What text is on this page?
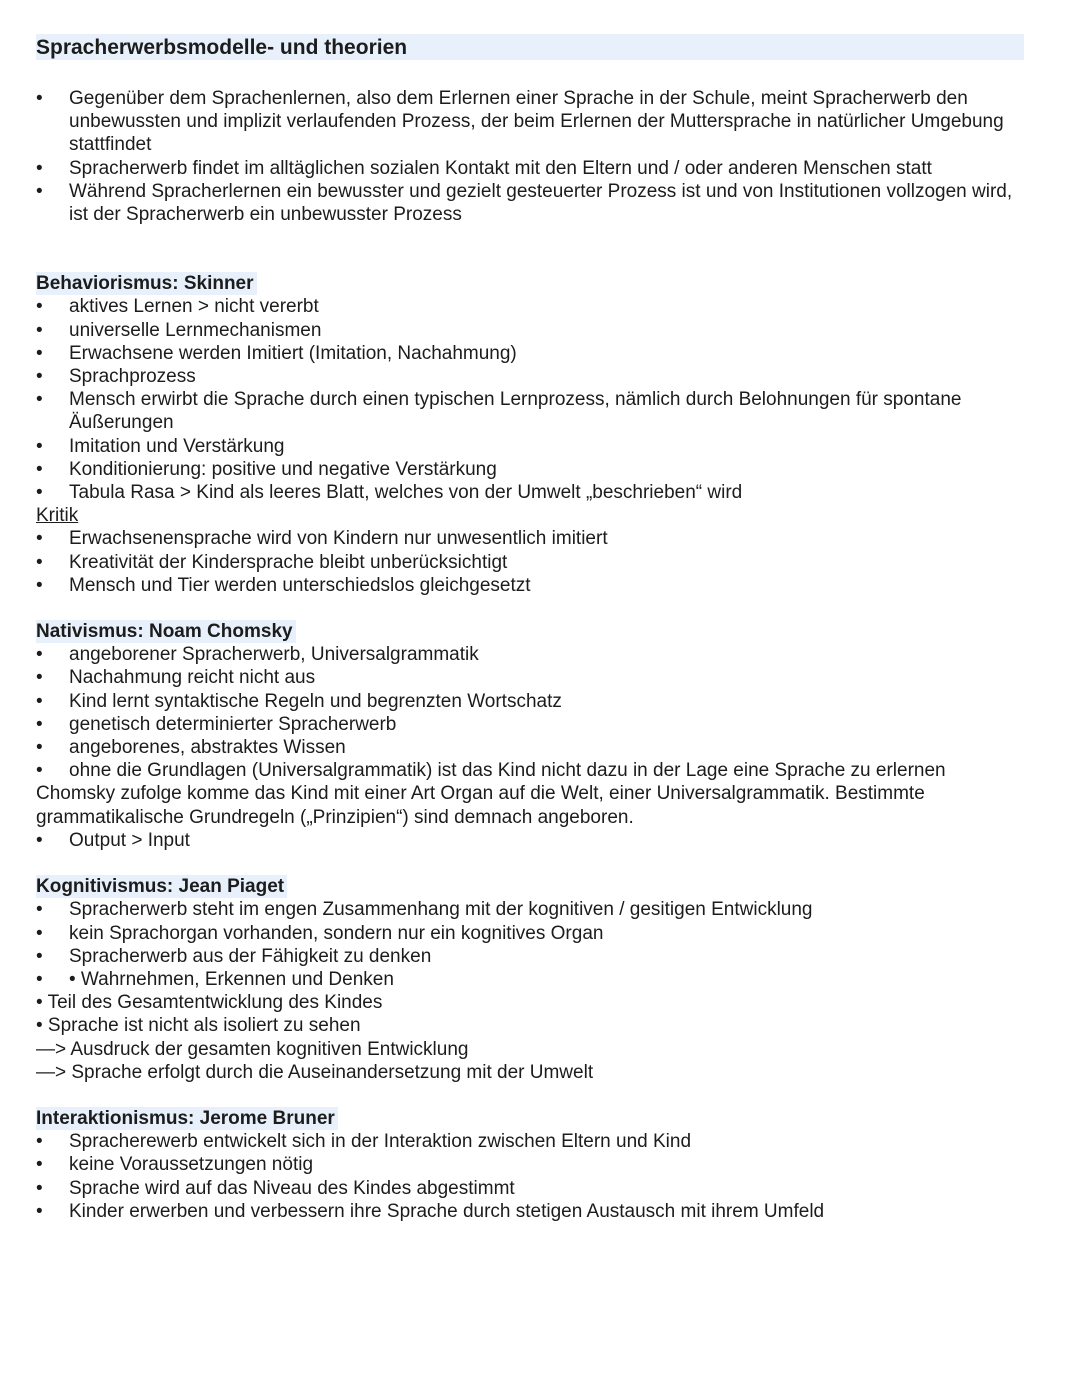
Spracherwerbsmodelle- und theorien
• Gegenüber dem Sprachenlernen, also dem Erlernen einer Sprache in der Schule, meint Spracherwerb den unbewussten und implizit verlaufenden Prozess, der beim Erlernen der Muttersprache in natürlicher Umgebung stattfindet
• Spracherwerb findet im alltäglichen sozialen Kontakt mit den Eltern und / oder anderen Menschen statt
• Während Spracherlernen ein bewusster und gezielt gesteuerter Prozess ist und von Institutionen vollzogen wird, ist der Spracherwerb ein unbewusster Prozess
Behaviorismus: Skinner
• aktives Lernen > nicht vererbt
• universelle Lernmechanismen
• Erwachsene werden Imitiert (Imitation, Nachahmung)
• Sprachprozess
• Mensch erwirbt die Sprache durch einen typischen Lernprozess, nämlich durch Belohnungen für spontane Äußerungen
• Imitation und Verstärkung
• Konditionierung: positive und negative Verstärkung
• Tabula Rasa > Kind als leeres Blatt, welches von der Umwelt „beschrieben“ wird
Kritik
• Erwachsenensprache wird von Kindern nur unwesentlich imitiert
• Kreativität der Kindersprache bleibt unberücksichtigt
• Mensch und Tier werden unterschiedslos gleichgesetzt
Nativismus: Noam Chomsky
• angeborener Spracherwerb, Universalgrammatik
• Nachahmung reicht nicht aus
• Kind lernt syntaktische Regeln und begrenzten Wortschatz
• genetisch determinierter Spracherwerb
• angeborenes, abstraktes Wissen
• ohne die Grundlagen (Universalgrammatik) ist das Kind nicht dazu in der Lage eine Sprache zu erlernen
Chomsky zufolge komme das Kind mit einer Art Organ auf die Welt, einer Universalgrammatik. Bestimmte grammatikalische Grundregeln („Prinzipien“) sind demnach angeboren.
• Output > Input
Kognitivismus: Jean Piaget
• Spracherwerb steht im engen Zusammenhang mit der kognitiven / gesitigen Entwicklung
• kein Sprachorgan vorhanden, sondern nur ein kognitives Organ
• Spracherwerb aus der Fähigkeit zu denken
• • Wahrnehmen, Erkennen und Denken
• Teil des Gesamtentwicklung des Kindes
• Sprache ist nicht als isoliert zu sehen
—> Ausdruck der gesamten kognitiven Entwicklung
—> Sprache erfolgt durch die Auseinandersetzung mit der Umwelt
Interaktionismus: Jerome Bruner
• Spracherewerb entwickelt sich in der Interaktion zwischen Eltern und Kind
• keine Voraussetzungen nötig
• Sprache wird auf das Niveau des Kindes abgestimmt
• Kinder erwerben und verbessern ihre Sprache durch stetigen Austausch mit ihrem Umfeld
